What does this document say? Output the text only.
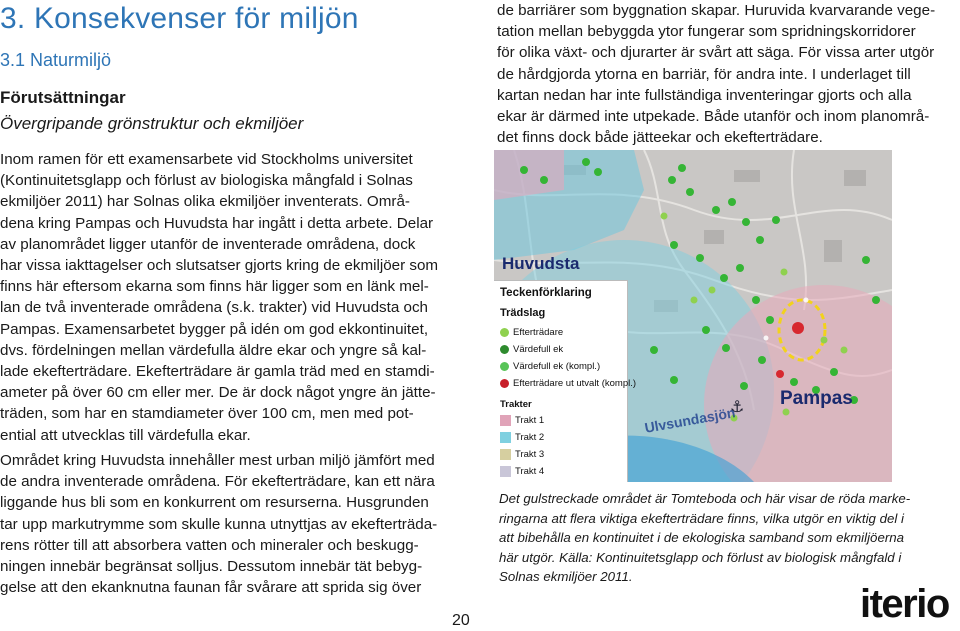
3. Konsekvenser för miljön
3.1 Naturmiljö
Förutsättningar
Övergripande grönstruktur och ekmiljöer
Inom ramen för ett examensarbete vid Stockholms universitet
(Kontinuitetsglapp och förlust av biologiska mångfald i Solnas
ekmiljöer 2011) har Solnas olika ekmiljöer inventerats. Områ-
dena kring Pampas och Huvudsta har ingått i detta arbete. Delar
av planområdet ligger utanför de inventerade områdena, dock
har vissa iakttagelser och slutsatser gjorts kring de ekmiljöer som
finns här eftersom ekarna som finns här ligger som en länk mel-
lan de två inventerade områdena (s.k. trakter) vid Huvudsta och
Pampas. Examensarbetet bygger på idén om god ekkontinuitet,
dvs. fördelningen mellan värdefulla äldre ekar och yngre så kal-
lade ekefterträdare. Ekefterträdare är gamla träd med en stamdi-
ameter på över 60 cm eller mer. De är dock något yngre än jätte-
träden, som har en stamdiameter över 100 cm, men med pot-
ential att utvecklas till värdefulla ekar.
Området kring Huvudsta innehåller mest urban miljö jämfört med
de andra inventerade områdena. För ekefterträdare, kan ett nära
liggande hus bli som en konkurrent om resurserna. Husgrunden
tar upp markutrymme som skulle kunna utnyttjas av ekefterträda-
rens rötter till att absorbera vatten och mineraler och beskugg-
ningen innebär begränsat solljus. Dessutom innebär tät bebyg-
gelse att den ekanknutna faunan får svårare att sprida sig över
de barriärer som byggnation skapar. Huruvida kvarvarande vege-
tation mellan bebyggda ytor fungerar som spridningskorridorer
för olika växt- och djurarter är svårt att säga. För vissa arter utgör
de hårdgjorda ytorna en barriär, för andra inte. I underlaget till
kartan nedan har inte fullständiga inventeringar gjorts och alla
ekar är därmed inte utpekade. Både utanför och inom planområ-
det finns dock både jätteekar och ekefterträdare.
⚓
Huvudsta
Pampas
Ulvsundasjön
Teckenförklaring
Trädslag
Efterträdare
Värdefull ek
Värdefull ek (kompl.)
Efterträdare ut utvalt (kompl.)
Trakter
Trakt 1
Trakt 2
Trakt 3
Trakt 4
Det gulstreckade området är Tomteboda och här visar de röda marke-
ringarna att flera viktiga ekefterträdare finns, vilka utgör en viktig del i
att bibehålla en kontinuitet i de ekologiska samband som ekmiljöerna
här utgör. Källa: Kontinuitetsglapp och förlust av biologisk mångfald i
Solnas ekmiljöer 2011.
20	iterio
